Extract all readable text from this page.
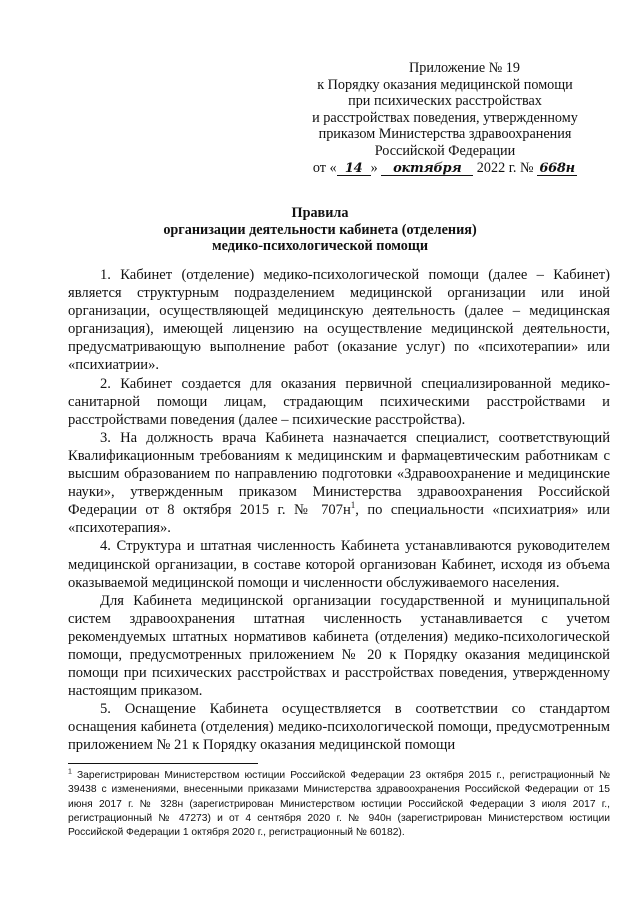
Приложение № 19
к Порядку оказания медицинской помощи
при психических расстройствах
и расстройствах поведения, утвержденному
приказом Министерства здравоохранения
Российской Федерации
от « 14 » октября 2022 г. № 668н
Правила
организации деятельности кабинета (отделения)
медико-психологической помощи

1. Кабинет (отделение) медико-психологической помощи (далее – Кабинет) является структурным подразделением медицинской организации или иной организации, осуществляющей медицинскую деятельность (далее – медицинская организация), имеющей лицензию на осуществление медицинской деятельности, предусматривающую выполнение работ (оказание услуг) по «психотерапии» или «психиатрии».

2. Кабинет создается для оказания первичной специализированной медико-санитарной помощи лицам, страдающим психическими расстройствами и расстройствами поведения (далее – психические расстройства).

3. На должность врача Кабинета назначается специалист, соответствующий Квалификационным требованиям к медицинским и фармацевтическим работникам с высшим образованием по направлению подготовки «Здравоохранение и медицинские науки», утвержденным приказом Министерства здравоохранения Российской Федерации от 8 октября 2015 г. № $707н^1$, по специальности «психиатрия» или «психотерапия».

4. Структура и штатная численность Кабинета устанавливаются руководителем медицинской организации, в составе которой организован Кабинет, исходя из объема оказываемой медицинской помощи и численности обслуживаемого населения.

Для Кабинета медицинской организации государственной и муниципальной систем здравоохранения штатная численность устанавливается с учетом рекомендуемых штатных нормативов кабинета (отделения) медико-психологической помощи, предусмотренных приложением № 20 к Порядку оказания медицинской помощи при психических расстройствах и расстройствах поведения, утвержденному настоящим приказом.

5. Оснащение Кабинета осуществляется в соответствии со стандартом оснащения кабинета (отделения) медико-психологической помощи, предусмотренным приложением № 21 к Порядку оказания медицинской помощи

$^1$ Зарегистрирован Министерством юстиции Российской Федерации 23 октября 2015 г., регистрационный № 39438 с изменениями, внесенными приказами Министерства здравоохранения Российской Федерации от 15 июня 2017 г. № 328н (зарегистрирован Министерством юстиции Российской Федерации 3 июля 2017 г., регистрационный № 47273) и от 4 сентября 2020 г. № 940н (зарегистрирован Министерством юстиции Российской Федерации 1 октября 2020 г., регистрационный № 60182).
